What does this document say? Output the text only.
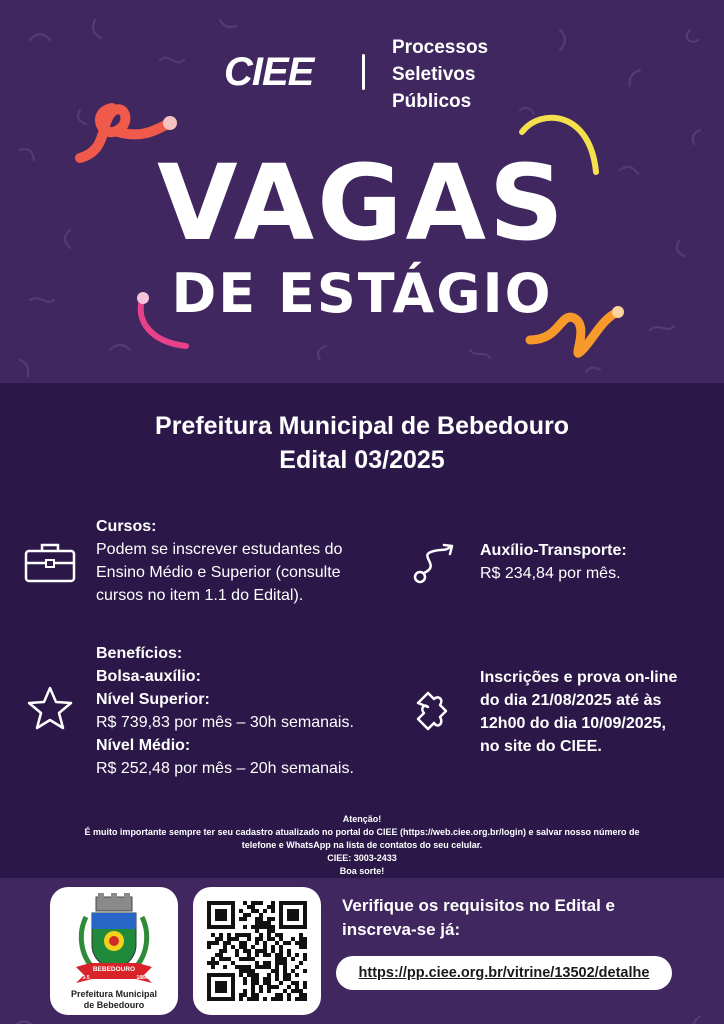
CIEE
Processos
Seletivos
Públicos
VAGAS
DE ESTÁGIO
Prefeitura Municipal de Bebedouro
Edital 03/2025
Cursos:
Podem se inscrever estudantes do
Ensino Médio e Superior (consulte
cursos no item 1.1 do Edital).
Auxílio-Transporte:
R$ 234,84 por mês.
Benefícios:
Bolsa-auxílio:
Nível Superior:
R$ 739,83 por mês – 30h semanais.
Nível Médio:
R$ 252,48 por mês – 20h semanais.
Inscrições e prova on-line
do dia 21/08/2025 até às
12h00 do dia 10/09/2025,
no site do CIEE.
Atenção!
É muito importante sempre ter seu cadastro atualizado no portal do CIEE (https://web.ciee.org.br/login) e salvar nosso número de
telefone e WhatsApp na lista de contatos do seu celular.
CIEE: 3003-2433
Boa sorte!
BEBEDOURO
3-5	1884
Prefeitura Municipal
de Bebedouro
Verifique os requisitos no Edital e
inscreva-se já:
https://pp.ciee.org.br/vitrine/13502/detalhe
